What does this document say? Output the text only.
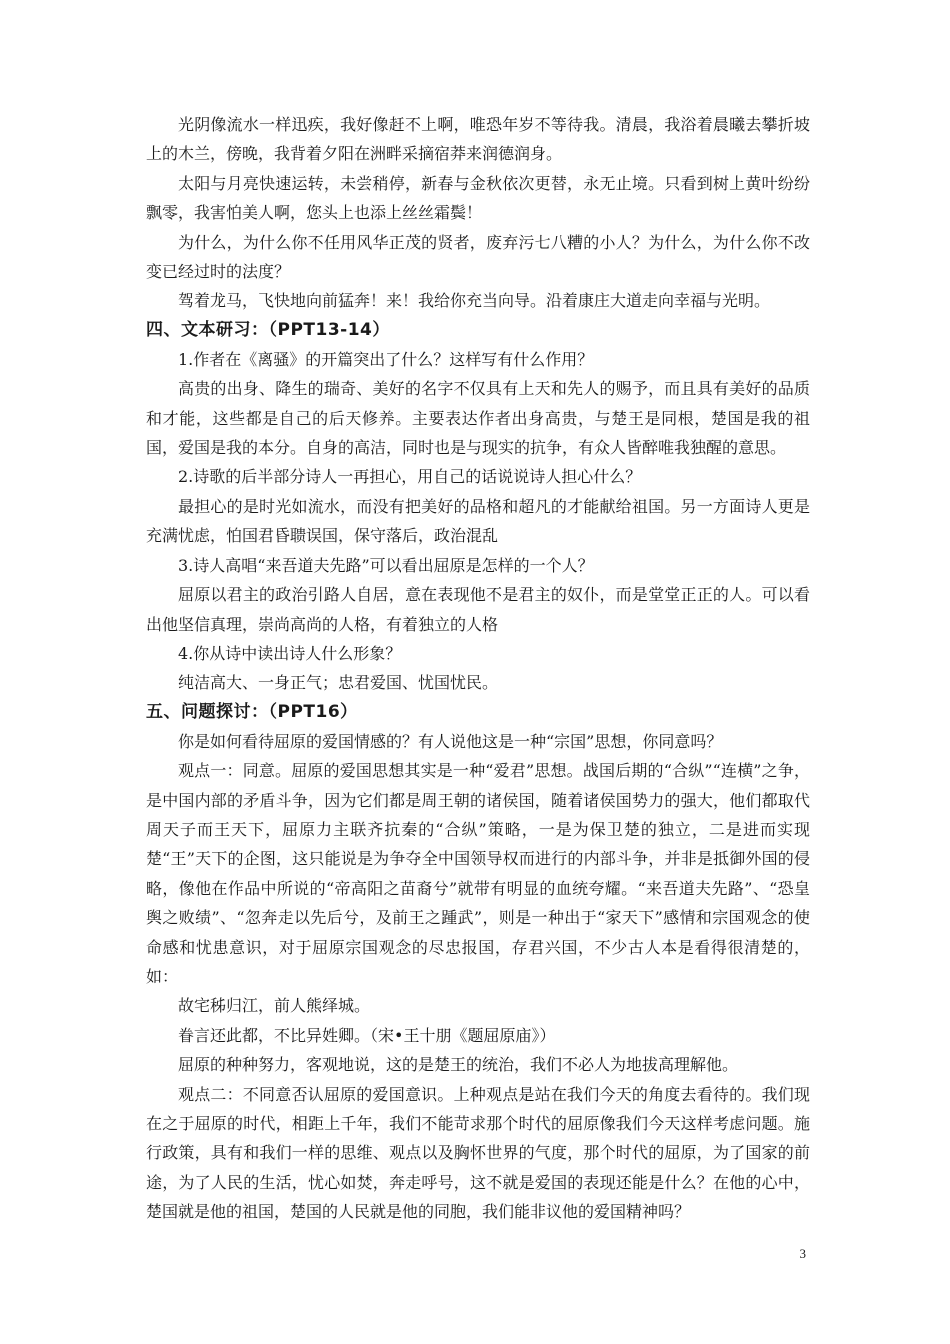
光阴像流水一样迅疾，我好像赶不上啊，唯恐年岁不等待我。清晨，我浴着晨曦去攀折坡上的木兰，傍晚，我背着夕阳在洲畔采摘宿莽来润德润身。

太阳与月亮快速运转，未尝稍停，新春与金秋依次更替，永无止境。只看到树上黄叶纷纷飘零，我害怕美人啊，您头上也添上丝丝霜鬓！

为什么，为什么你不任用风华正茂的贤者，废弃污七八糟的小人？为什么，为什么你不改变已经过时的法度？

驾着龙马，飞快地向前猛奔！来！我给你充当向导。沿着康庄大道走向幸福与光明。

四、文本研习：（PPT13-14）

1.作者在《离骚》的开篇突出了什么？这样写有什么作用？

高贵的出身、降生的瑞奇、美好的名字不仅具有上天和先人的赐予，而且具有美好的品质和才能，这些都是自己的后天修养。主要表达作者出身高贵，与楚王是同根，楚国是我的祖国，爱国是我的本分。自身的高洁，同时也是与现实的抗争，有众人皆醉唯我独醒的意思。

2.诗歌的后半部分诗人一再担心，用自己的话说说诗人担心什么？

最担心的是时光如流水，而没有把美好的品格和超凡的才能献给祖国。另一方面诗人更是充满忧虑，怕国君昏聩误国，保守落后，政治混乱

3.诗人高唱“来吾道夫先路”可以看出屈原是怎样的一个人？

屈原以君主的政治引路人自居，意在表现他不是君主的奴仆，而是堂堂正正的人。可以看出他坚信真理，崇尚高尚的人格，有着独立的人格

4.你从诗中读出诗人什么形象？

纯洁高大、一身正气；忠君爱国、忧国忧民。

五、问题探讨：（PPT16）

你是如何看待屈原的爱国情感的？有人说他这是一种“宗国”思想，你同意吗？

观点一：同意。屈原的爱国思想其实是一种“爱君”思想。战国后期的“合纵”“连横”之争，是中国内部的矛盾斗争，因为它们都是周王朝的诸侯国，随着诸侯国势力的强大，他们都取代周天子而王天下，屈原力主联齐抗秦的“合纵”策略，一是为保卫楚的独立，二是进而实现楚“王”天下的企图，这只能说是为争夺全中国领导权而进行的内部斗争，并非是抵御外国的侵略，像他在作品中所说的“帝高阳之苗裔兮”就带有明显的血统夸耀。“来吾道夫先路”、“恐皇舆之败绩”、“忽奔走以先后兮，及前王之踵武”，则是一种出于“家天下”感情和宗国观念的使命感和忧患意识，对于屈原宗国观念的尽忠报国，存君兴国，不少古人本是看得很清楚的，如：

故宅秭归江，前人熊绎城。

眷言还此都，不比异姓卿。（宋•王十朋《题屈原庙》）

屈原的种种努力，客观地说，这的是楚王的统治，我们不必人为地拔高理解他。

观点二：不同意否认屈原的爱国意识。上种观点是站在我们今天的角度去看待的。我们现在之于屈原的时代，相距上千年，我们不能苛求那个时代的屈原像我们今天这样考虑问题。施行政策，具有和我们一样的思维、观点以及胸怀世界的气度，那个时代的屈原，为了国家的前途，为了人民的生活，忧心如焚，奔走呼号，这不就是爱国的表现还能是什么？在他的心中，楚国就是他的祖国，楚国的人民就是他的同胞，我们能非议他的爱国精神吗？

3
